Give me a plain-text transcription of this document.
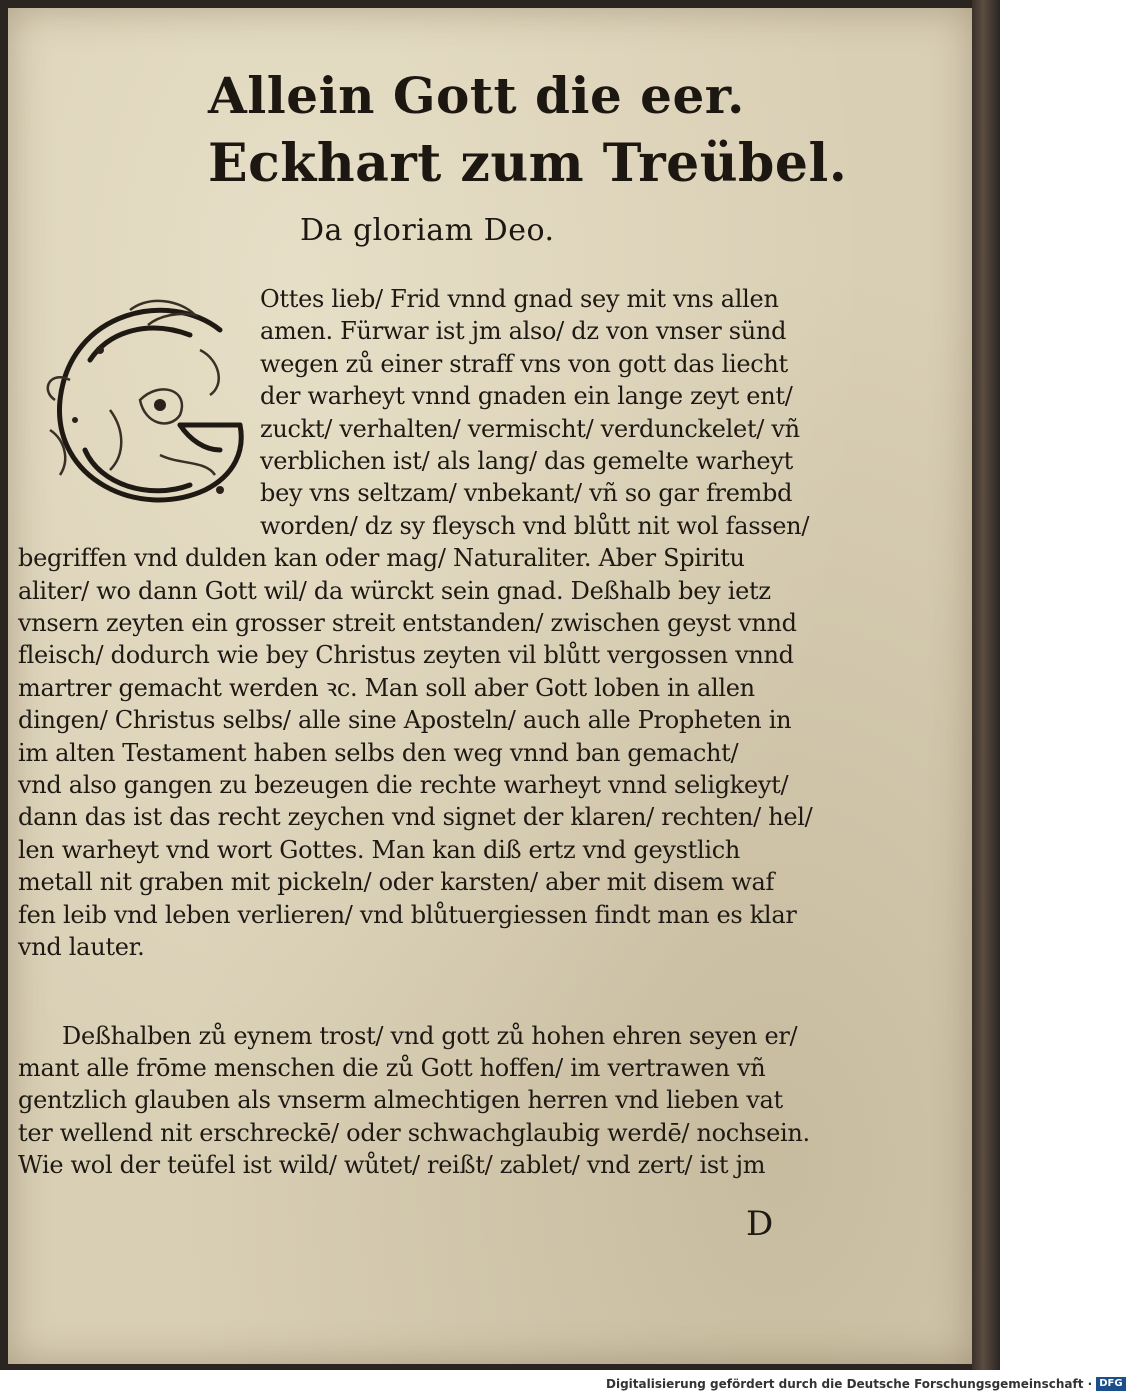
Allein Gott die eer.
Eckhart zum Treübel.
Da gloriam Deo.
G
Ottes lieb/ Frid vnnd gnad sey mit vns allen
amen. Fürwar ist jm also/ dz von vnser sünd
wegen zů einer straff vns von gott das liecht
der warheyt vnnd gnaden ein lange zeyt ent/
zuckt/ verhalten/ vermischt/ verdunckelet/ vñ
verblichen ist/ als lang/ das gemelte warheyt
bey vns seltzam/ vnbekant/ vñ so gar frembd
worden/ dz sy fleysch vnd blůtt nit wol fassen/
begriffen vnd dulden kan oder mag/ Naturaliter. Aber Spiritu
aliter/ wo dann Gott wil/ da würckt sein gnad. Deßhalb bey ietz
vnsern zeyten ein grosser streit entstanden/ zwischen geyst vnnd
fleisch/ dodurch wie bey Christus zeyten vil blůtt vergossen vnnd
martrer gemacht werden ꝛc. Man soll aber Gott loben in allen
dingen/ Christus selbs/ alle sine Aposteln/ auch alle Propheten in
im alten Testament haben selbs den weg vnnd ban gemacht/
vnd also gangen zu bezeugen die rechte warheyt vnnd seligkeyt/
dann das ist das recht zeychen vnd signet der klaren/ rechten/ hel/
len warheyt vnd wort Gottes. Man kan diß ertz vnd geystlich
metall nit graben mit pickeln/ oder karsten/ aber mit disem waf
fen leib vnd leben verlieren/ vnd blůtuergiessen findt man es klar
vnd lauter.
Deßhalben zů eynem trost/ vnd gott zů hohen ehren seyen er/
mant alle frōme menschen die zů Gott hoffen/ im vertrawen vñ
gentzlich glauben als vnserm almechtigen herren vnd lieben vat
ter wellend nit erschreckē/ oder schwachglaubig werdē/ nochsein.
Wie wol der teüfel ist wild/ wůtet/ reißt/ zablet/ vnd zert/ ist jm
D
Digitalisierung gefördert durch die Deutsche Forschungsgemeinschaft · DFG
